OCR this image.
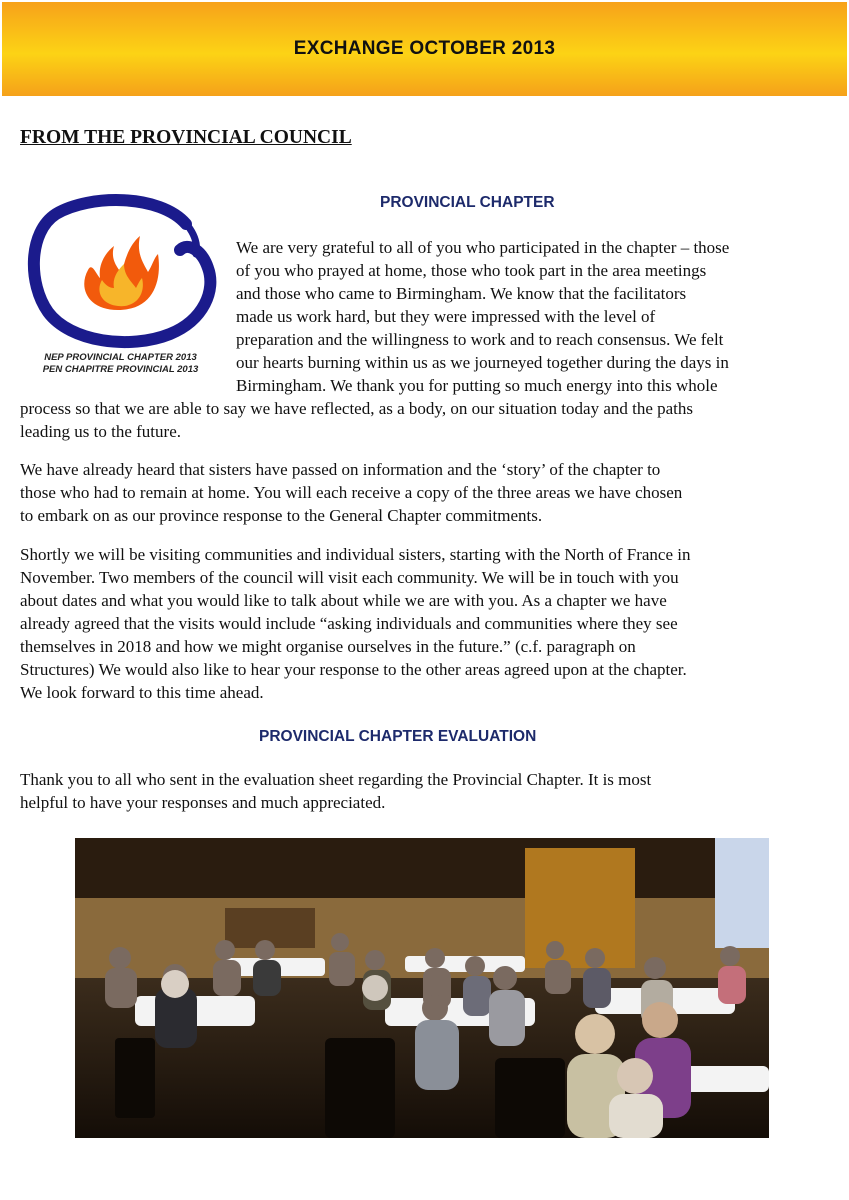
EXCHANGE OCTOBER 2013
FROM THE PROVINCIAL COUNCIL
PROVINCIAL CHAPTER
NEP PROVINCIAL CHAPTER 2013
PEN CHAPITRE PROVINCIAL 2013
We are very grateful to all of you who participated in the chapter – those
of you who prayed at home, those who took part in the area meetings
and those who came to Birmingham. We know that the facilitators
made us work hard, but they were impressed with the level of
preparation and the willingness to work and to reach consensus. We felt
our hearts burning within us as we journeyed together during the days in
Birmingham. We thank you for putting so much energy into this whole
process so that we are able to say we have reflected, as a body, on our situation today and the paths
leading us to the future.
We have already heard that sisters have passed on information and the ‘story’ of the chapter to
those who had to remain at home. You will each receive a copy of the three areas we have chosen
to embark on as our province response to the General Chapter commitments.
Shortly we will be visiting communities and individual sisters, starting with the North of France in
November. Two members of the council will visit each community. We will be in touch with you
about dates and what you would like to talk about while we are with you. As a chapter we have
already agreed that the visits would include “asking individuals and communities where they see
themselves in 2018 and how we might organise ourselves in the future.” (c.f. paragraph on
Structures) We would also like to hear your response to the other areas agreed upon at the chapter.
We look forward to this time ahead.
PROVINCIAL CHAPTER EVALUATION
Thank you to all who sent in the evaluation sheet regarding the Provincial Chapter. It is most
helpful to have your responses and much appreciated.
